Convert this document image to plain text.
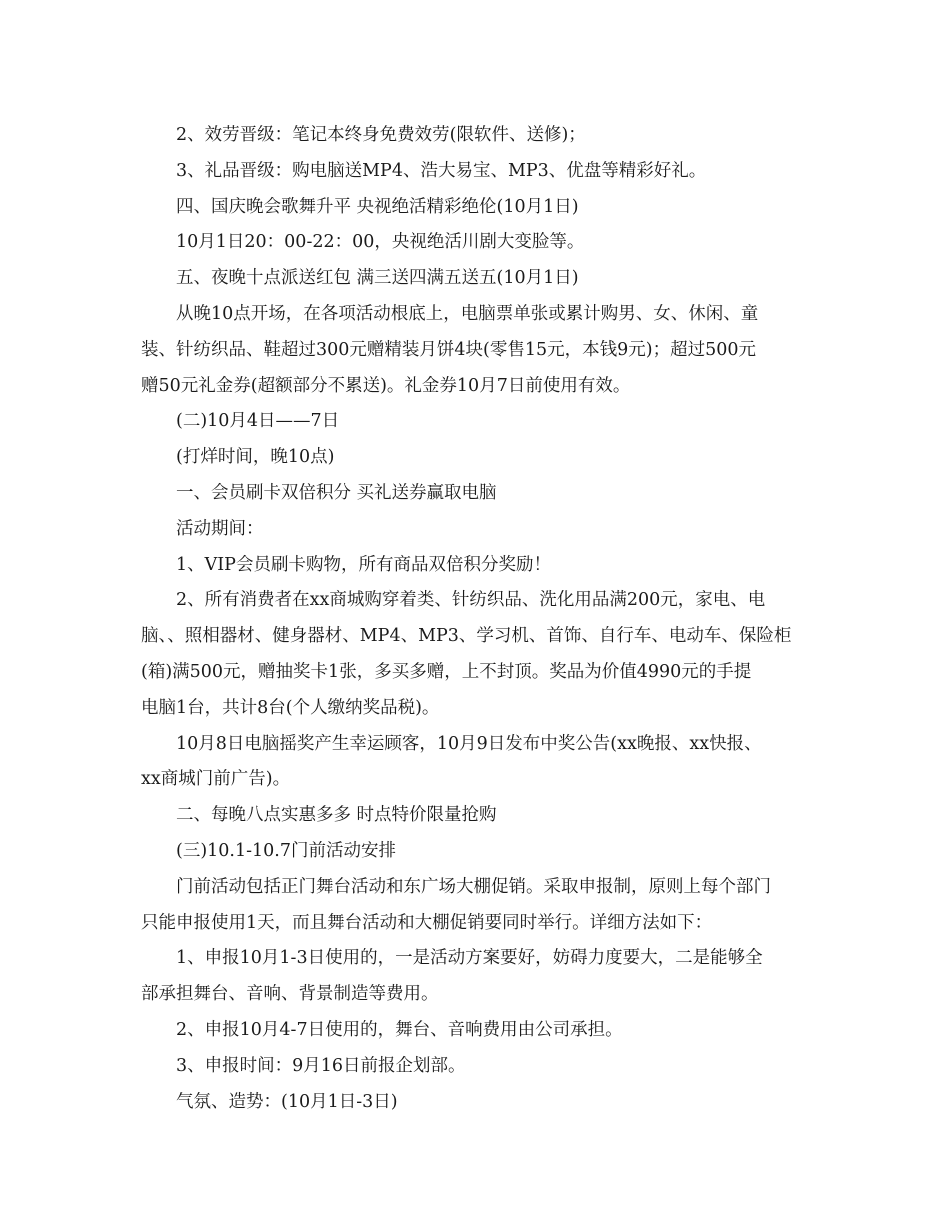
2、效劳晋级：笔记本终身免费效劳(限软件、送修)；
3、礼品晋级：购电脑送MP4、浩大易宝、MP3、优盘等精彩好礼。
四、国庆晚会歌舞升平 央视绝活精彩绝伦(10月1日)
10月1日20：00-22：00，央视绝活川剧大变脸等。
五、夜晚十点派送红包 满三送四满五送五(10月1日)
从晚10点开场，在各项活动根底上，电脑票单张或累计购男、女、休闲、童
装、针纺织品、鞋超过300元赠精装月饼4块(零售15元，本钱9元)；超过500元
赠50元礼金券(超额部分不累送)。礼金券10月7日前使用有效。
(二)10月4日——7日
(打烊时间，晚10点)
一、会员刷卡双倍积分 买礼送券赢取电脑
活动期间：
1、VIP会员刷卡购物，所有商品双倍积分奖励！
2、所有消费者在xx商城购穿着类、针纺织品、洗化用品满200元，家电、电
脑、、照相器材、健身器材、MP4、MP3、学习机、首饰、自行车、电动车、保险柜
(箱)满500元，赠抽奖卡1张，多买多赠，上不封顶。奖品为价值4990元的手提
电脑1台，共计8台(个人缴纳奖品税)。
10月8日电脑摇奖产生幸运顾客，10月9日发布中奖公告(xx晚报、xx快报、
xx商城门前广告)。
二、每晚八点实惠多多 时点特价限量抢购
(三)10.1-10.7门前活动安排
门前活动包括正门舞台活动和东广场大棚促销。采取申报制，原则上每个部门
只能申报使用1天，而且舞台活动和大棚促销要同时举行。详细方法如下：
1、申报10月1-3日使用的，一是活动方案要好，妨碍力度要大，二是能够全
部承担舞台、音响、背景制造等费用。
2、申报10月4-7日使用的，舞台、音响费用由公司承担。
3、申报时间：9月16日前报企划部。
气氛、造势：(10月1日-3日)
